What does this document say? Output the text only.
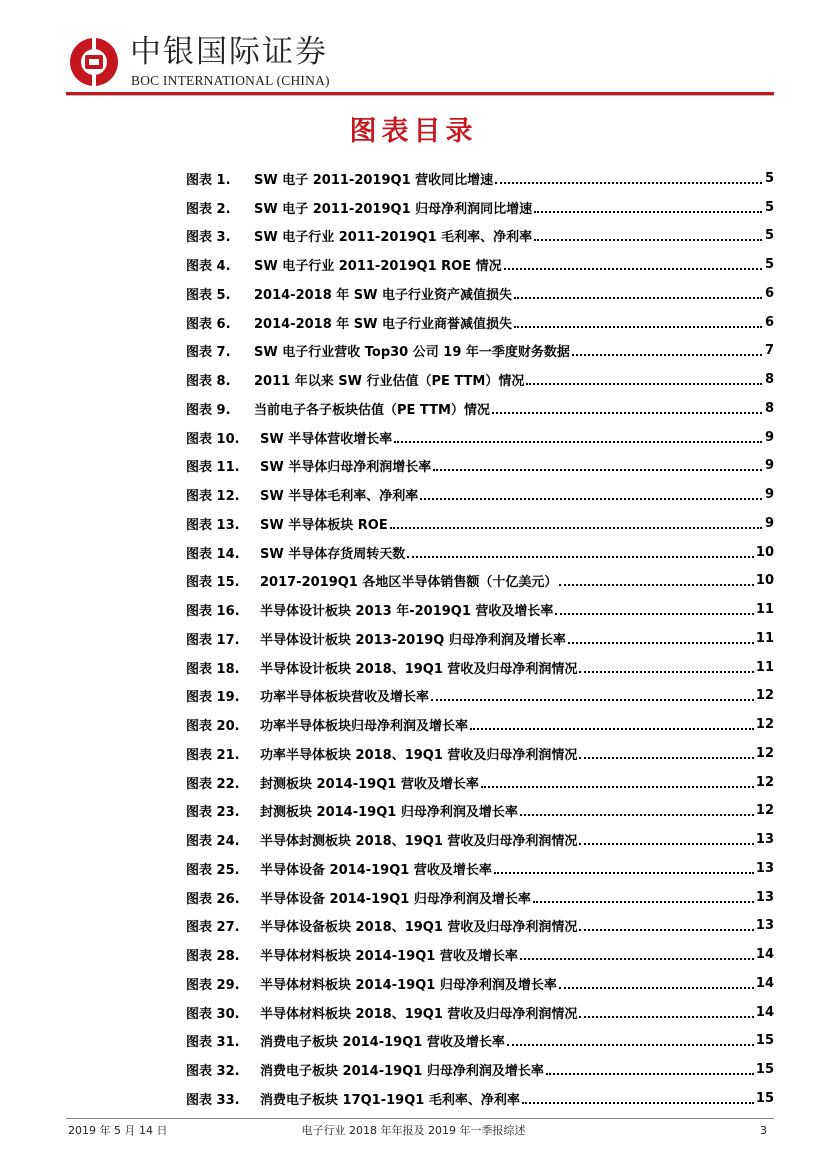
中银国际证券
BOC INTERNATIONAL (CHINA)
图表目录
图表 1.	SW 电子 2011-2019Q1 营收同比增速	5
图表 2.	SW 电子 2011-2019Q1 归母净利润同比增速	5
图表 3.	SW 电子行业 2011-2019Q1 毛利率、净利率	5
图表 4.	SW 电子行业 2011-2019Q1 ROE 情况	5
图表 5.	2014-2018 年 SW 电子行业资产减值损失	6
图表 6.	2014-2018 年 SW 电子行业商誉减值损失	6
图表 7.	SW 电子行业营收 Top30 公司 19 年一季度财务数据	7
图表 8.	2011 年以来 SW 行业估值（PE TTM）情况	8
图表 9.	当前电子各子板块估值（PE TTM）情况	8
图表 10.	SW 半导体营收增长率	9
图表 11.	SW 半导体归母净利润增长率	9
图表 12.	SW 半导体毛利率、净利率	9
图表 13.	SW 半导体板块 ROE	9
图表 14.	SW 半导体存货周转天数	10
图表 15.	2017-2019Q1 各地区半导体销售额（十亿美元）	10
图表 16.	半导体设计板块 2013 年-2019Q1 营收及增长率	11
图表 17.	半导体设计板块 2013-2019Q 归母净利润及增长率	11
图表 18.	半导体设计板块 2018、19Q1 营收及归母净利润情况	11
图表 19.	功率半导体板块营收及增长率	12
图表 20.	功率半导体板块归母净利润及增长率	12
图表 21.	功率半导体板块 2018、19Q1 营收及归母净利润情况	12
图表 22.	封测板块 2014-19Q1 营收及增长率	12
图表 23.	封测板块 2014-19Q1 归母净利润及增长率	12
图表 24.	半导体封测板块 2018、19Q1 营收及归母净利润情况	13
图表 25.	半导体设备 2014-19Q1 营收及增长率	13
图表 26.	半导体设备 2014-19Q1 归母净利润及增长率	13
图表 27.	半导体设备板块 2018、19Q1 营收及归母净利润情况	13
图表 28.	半导体材料板块 2014-19Q1 营收及增长率	14
图表 29.	半导体材料板块 2014-19Q1 归母净利润及增长率	14
图表 30.	半导体材料板块 2018、19Q1 营收及归母净利润情况	14
图表 31.	消费电子板块 2014-19Q1 营收及增长率	15
图表 32.	消费电子板块 2014-19Q1 归母净利润及增长率	15
图表 33.	消费电子板块 17Q1-19Q1 毛利率、净利率	15
2019 年 5 月 14 日	电子行业 2018 年年报及 2019 年一季报综述	3
